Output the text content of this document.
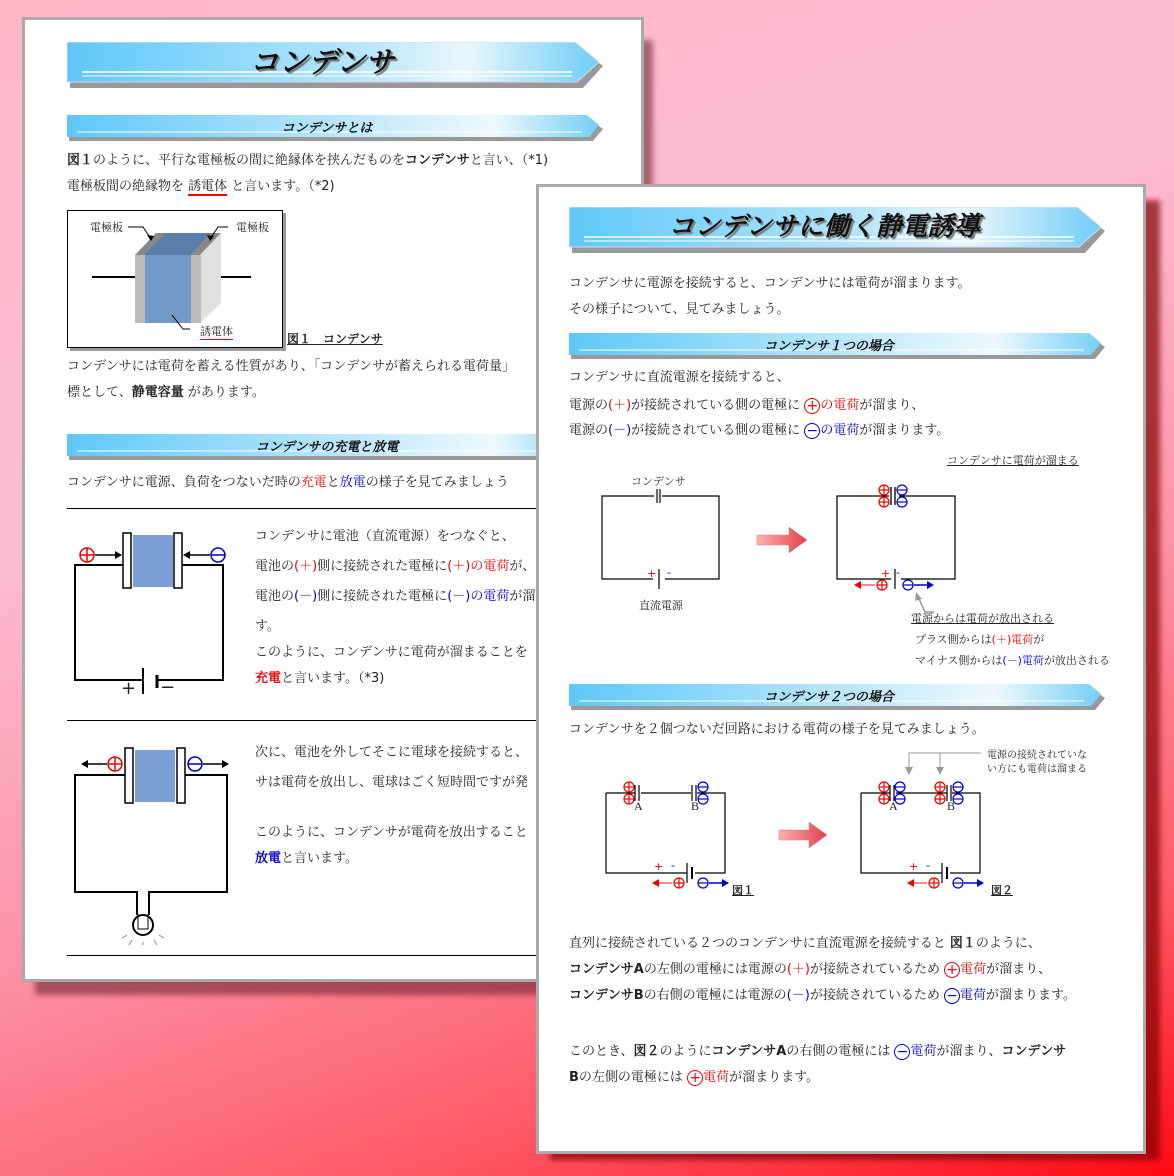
コンデンサ
コンデンサとは
図１のように、平行な電極板の間に絶縁体を挟んだものをコンデンサと言い、（*1)
電極板間の絶縁物を 誘電体 と言います。（*2)
電極板	電極板
誘電体
図１　コンデンサ
コンデンサには電荷を蓄える性質があり、「コンデンサが蓄えられる電荷量」
標として、静電容量 があります。
コンデンサの充電と放電
コンデンサに電源、負荷をつないだ時の充電と放電の様子を見てみましょう
+ −
コンデンサに電池（直流電源）をつなぐと、
電池の(＋)側に接続された電極に(＋)の電荷が、
電池の(－)側に接続された電極に(－)の電荷が溜
す。
このように、コンデンサに電荷が溜まることを
充電と言います。（*3)
次に、電池を外してそこに電球を接続すると、
サは電荷を放出し、電球はごく短時間ですが発
このように、コンデンサが電荷を放出すること
放電と言います。
コンデンサに働く静電誘導
コンデンサに電源を接続すると、コンデンサには電荷が溜まります。
その様子について、見てみましょう。
コンデンサ１つの場合
コンデンサに直流電源を接続すると、
電源の(＋)が接続されている側の電極に + の電荷が溜まり、
電源の(－)が接続されている側の電極に − の電荷が溜まります。
コンデンサ
+ -
直流電源
+ -
コンデンサに電荷が溜まる
電源からは電荷が放出される
プラス側からは(＋)電荷が
マイナス側からは(－)電荷が放出される
コンデンサ２つの場合
コンデンサを２個つないだ回路における電荷の様子を見てみましょう。
A	B	A	B
図１	図２
電源の接続されていな
い方にも電荷は溜まる
+ -	+ -
直列に接続されている２つのコンデンサに直流電源を接続すると 図１のように、
コンデンサAの左側の電極には電源の(＋)が接続されているため + 電荷が溜まり、
コンデンサBの右側の電極には電源の(－)が接続されているため − 電荷が溜まります。
このとき、図２のようにコンデンサAの右側の電極には − 電荷が溜まり、コンデンサ
Bの左側の電極には + 電荷が溜まります。
